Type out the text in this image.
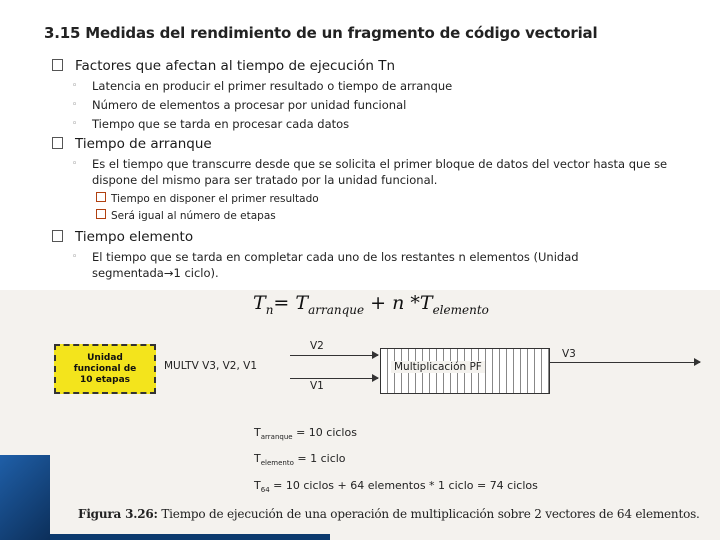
3.15 Medidas del rendimiento de un fragmento de código vectorial
Factores que afectan al tiempo de ejecución Tn
◦ Latencia en producir el primer resultado o tiempo de arranque
◦ Número de elementos a procesar por unidad funcional
◦ Tiempo que se tarda en procesar cada datos
Tiempo de arranque
◦ Es el tiempo que transcurre desde que se solicita el primer bloque de datos del vector hasta que se dispone del mismo para ser tratado por la unidad funcional.
Tiempo en disponer el primer resultado
Será igual al número de etapas
Tiempo elemento
◦ El tiempo que se tarda en completar cada uno de los restantes n elementos (Unidad segmentada→1 ciclo).
$T_n= T_{arranque} + n$ $*T_{elemento}$
Unidad funcional de 10 etapas
MULTV V3, V2, V1
V2
V1
V3
Multiplicación PF
$T_{arranque} = 10$ ciclos
$T_{elemento} = 1$ ciclo
$T_{64} = 10$ ciclos + 64 elementos * 1 ciclo = 74 ciclos
Figura 3.26: Tiempo de ejecución de una operación de multiplicación sobre 2 vectores de 64 elementos.
